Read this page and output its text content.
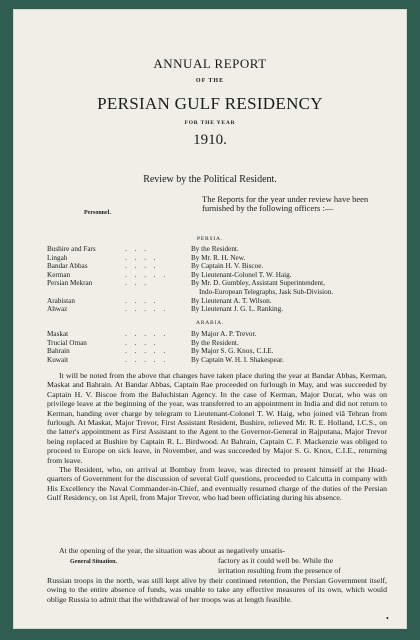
ANNUAL REPORT
OF THE
PERSIAN GULF RESIDENCY
FOR THE YEAR
1910.
Review by the Political Resident.
Personnel.
The Reports for the year under review have been furnished by the following officers :—
PERSIA.
Bushire and Fars	. . .	By the Resident.
Lingah	. . . .	By Mr. R. H. New.
Bandar Abbas	. . . .	By Captain H. V. Biscoe.
Kerman	. . . . .	By Lieutenant-Colonel T. W. Haig.
Persian Mekran	. . .	By Mr. D. Gumbley, Assistant Superintendent,
Indo-European Telegraphs, Jask Sub-Division.
Arabistan	. . . .	By Lieutenant A. T. Wilson.
Ahwaz	. . . . .	By Lieutenant J. G. L. Ranking.
ARABIA.
Maskat	. . . . .	By Major A. P. Trevor.
Trucial Oman	. . . .	By the Resident.
Bahrain	. . . . .	By Major S. G. Knox, C.I.E.
Kuwait	. . . . .	By Captain W. H. I. Shakespear.

It will be noted from the above that changes have taken place during the year at Bandar Abbas, Kerman, Maskat and Bahrain. At Bandar Abbas, Captain Rae proceeded on furlough in May, and was succeeded by Captain H. V. Biscoe from the Baluchistan Agency. In the case of Kerman, Major Ducat, who was on privilege leave at the beginning of the year, was transferred to an appointment in India and did not return to Kerman, handing over charge by telegram to Lieutenant-Colonel T. W. Haig, who joined viâ Tehran from furlough. At Maskat, Major Trevor, First Assistant Resident, Bushire, relieved Mr. R. E. Holland, I.C.S., on the latter's appointment as First Assistant to the Agent to the Governor-General in Rajputana, Major Trevor being replaced at Bushire by Captain R. L. Birdwood. At Bahrain, Captain C. F. Mackenzie was obliged to proceed to Europe on sick leave, in November, and was succeeded by Major S. G. Knox, C.I.E., returning from leave.

The Resident, who, on arrival at Bombay from leave, was directed to present himself at the Head-quarters of Government for the discussion of several Gulf questions, proceeded to Calcutta in company with His Excellency the Naval Commander-in-Chief, and eventually resumed charge of the duties of the Persian Gulf Residency, on 1st April, from Major Trevor, who had been officiating during his absence.

At the opening of the year, the situation was about as negatively unsatis-
General Situation.	factory as it could well be. While the
irritation resulting from the presence of
Russian troops in the north, was still kept alive by their continued retention, the Persian Government itself, owing to the entire absence of funds, was unable to take any effective measures of its own, which would oblige Russia to admit that the withdrawal of her troops was at length feasible.
•
